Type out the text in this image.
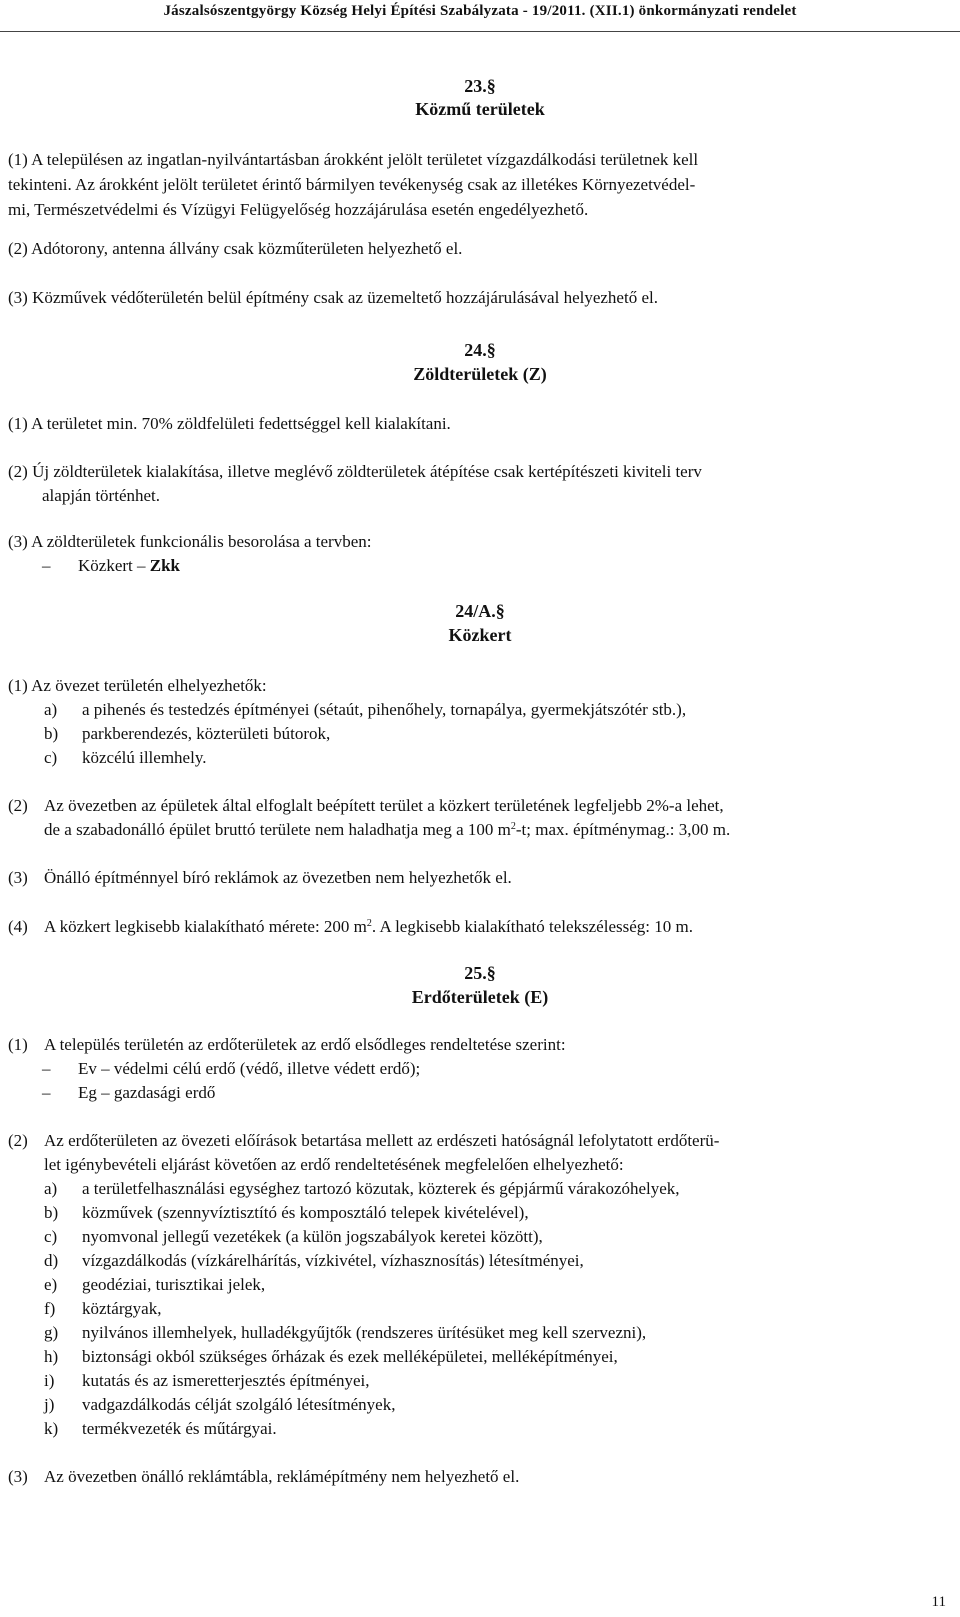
Jászalsószentgyörgy Község Helyi Építési Szabályzata - 19/2011. (XII.1) önkormányzati rendelet
23.§
Közmű területek
(1) A településen az ingatlan-nyilvántartásban árokként jelölt területet vízgazdálkodási területnek kell
tekinteni. Az árokként jelölt területet érintő bármilyen tevékenység csak az illetékes Környezetvédel-
mi, Természetvédelmi és Vízügyi Felügyelőség hozzájárulása esetén engedélyezhető.
(2) Adótorony, antenna állvány csak közműterületen helyezhető el.
(3) Közművek védőterületén belül építmény csak az üzemeltető hozzájárulásával helyezhető el.
24.§
Zöldterületek (Z)
(1) A területet min. 70% zöldfelületi fedettséggel kell kialakítani.
(2) Új zöldterületek kialakítása, illetve meglévő zöldterületek átépítése csak kertépítészeti kiviteli terv
alapján történhet.
(3) A zöldterületek funkcionális besorolása a tervben:
– Közkert – Zkk
24/A.§
Közkert
(1) Az övezet területén elhelyezhetők:
a) a pihenés és testedzés építményei (sétaút, pihenőhely, tornapálya, gyermekjátszótér stb.),
b) parkberendezés, közterületi bútorok,
c) közcélú illemhely.
(2) Az övezetben az épületek által elfoglalt beépített terület a közkert területének legfeljebb 2%-a lehet,
de a szabadonálló épület bruttó területe nem haladhatja meg a 100 $m^2-t$; max. építménymag.: 3,00 m.
(3) Önálló építménnyel bíró reklámok az övezetben nem helyezhetők el.
(4) A közkert legkisebb kialakítható mérete: 200 $m^2$. A legkisebb kialakítható telekszélesség: 10 m.
25.§
Erdőterületek (E)
(1) A település területén az erdőterületek az erdő elsődleges rendeltetése szerint:
– Ev – védelmi célú erdő (védő, illetve védett erdő);
– Eg – gazdasági erdő
(2) Az erdőterületen az övezeti előírások betartása mellett az erdészeti hatóságnál lefolytatott erdőterü-
let igénybevételi eljárást követően az erdő rendeltetésének megfelelően elhelyezhető:
a) a területfelhasználási egységhez tartozó közutak, közterek és gépjármű várakozóhelyek,
b) közművek (szennyvíztisztító és komposztáló telepek kivételével),
c) nyomvonal jellegű vezetékek (a külön jogszabályok keretei között),
d) vízgazdálkodás (vízkárelhárítás, vízkivétel, vízhasznosítás) létesítményei,
e) geodéziai, turisztikai jelek,
f) köztárgyak,
g) nyilvános illemhelyek, hulladékgyűjtők (rendszeres ürítésüket meg kell szervezni),
h) biztonsági okból szükséges őrházak és ezek melléképületei, melléképítményei,
i) kutatás és az ismeretterjesztés építményei,
j) vadgazdálkodás célját szolgáló létesítmények,
k) termékvezeték és műtárgyai.
(3) Az övezetben önálló reklámtábla, reklámépítmény nem helyezhető el.
11
